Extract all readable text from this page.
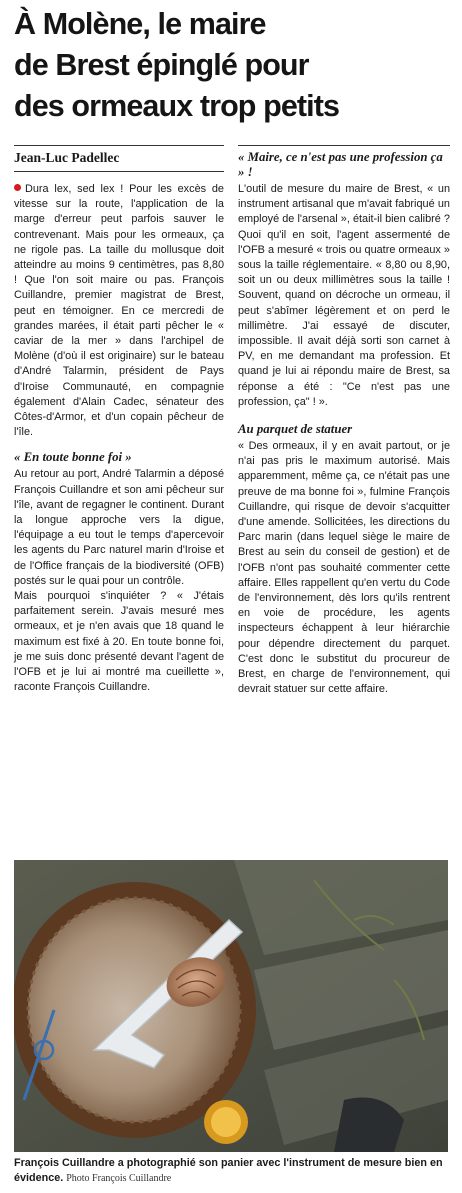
À Molène, le maire
de Brest épinglé pour
des ormeaux trop petits

Jean-Luc Padellec

Dura lex, sed lex ! Pour les excès de vitesse sur la route, l'application de la marge d'erreur peut parfois sauver le contrevenant. Mais pour les ormeaux, ça ne rigole pas. La taille du mollusque doit atteindre au moins 9 centimètres, pas 8,80 ! Que l'on soit maire ou pas. François Cuillandre, premier magistrat de Brest, peut en témoigner. En ce mercredi de grandes marées, il était parti pêcher le « caviar de la mer » dans l'archipel de Molène (d'où il est originaire) sur le bateau d'André Talarmin, président de Pays d'Iroise Communauté, en compagnie également d'Alain Cadec, sénateur des Côtes-d'Armor, et d'un copain pêcheur de l'île.

« En toute bonne foi »

Au retour au port, André Talarmin a déposé François Cuillandre et son ami pêcheur sur l'île, avant de regagner le continent. Durant la longue approche vers la digue, l'équipage a eu tout le temps d'apercevoir les agents du Parc naturel marin d'Iroise et de l'Office français de la biodiversité (OFB) postés sur le quai pour un contrôle.

Mais pourquoi s'inquiéter ? « J'étais parfaitement serein. J'avais mesuré mes ormeaux, et je n'en avais que 18 quand le maximum est fixé à 20. En toute bonne foi, je me suis donc présenté devant l'agent de l'OFB et je lui ai montré ma cueillette », raconte François Cuillandre.

« Maire, ce n'est pas une profession ça » !

L'outil de mesure du maire de Brest, « un instrument artisanal que m'avait fabriqué un employé de l'arsenal », était-il bien calibré ? Quoi qu'il en soit, l'agent assermenté de l'OFB a mesuré « trois ou quatre ormeaux » sous la taille réglementaire. « 8,80 ou 8,90, soit un ou deux millimètres sous la taille ! Souvent, quand on décroche un ormeau, il peut s'abîmer légèrement et on perd le millimètre. J'ai essayé de discuter, impossible. Il avait déjà sorti son carnet à PV, en me demandant ma profession. Et quand je lui ai répondu maire de Brest, sa réponse a été : "Ce n'est pas une profession, ça" ! ».

Au parquet de statuer

« Des ormeaux, il y en avait partout, or je n'ai pas pris le maximum autorisé. Mais apparemment, même ça, ce n'était pas une preuve de ma bonne foi », fulmine François Cuillandre, qui risque de devoir s'acquitter d'une amende. Sollicitées, les directions du Parc marin (dans lequel siège le maire de Brest au sein du conseil de gestion) et de l'OFB n'ont pas souhaité commenter cette affaire. Elles rappellent qu'en vertu du Code de l'environnement, dès lors qu'ils rentrent en voie de procédure, les agents inspecteurs échappent à leur hiérarchie pour dépendre directement du parquet. C'est donc le substitut du procureur de Brest, en charge de l'environnement, qui devrait statuer sur cette affaire.

François Cuillandre a photographié son panier avec l'instrument de mesure bien en évidence. Photo François Cuillandre
